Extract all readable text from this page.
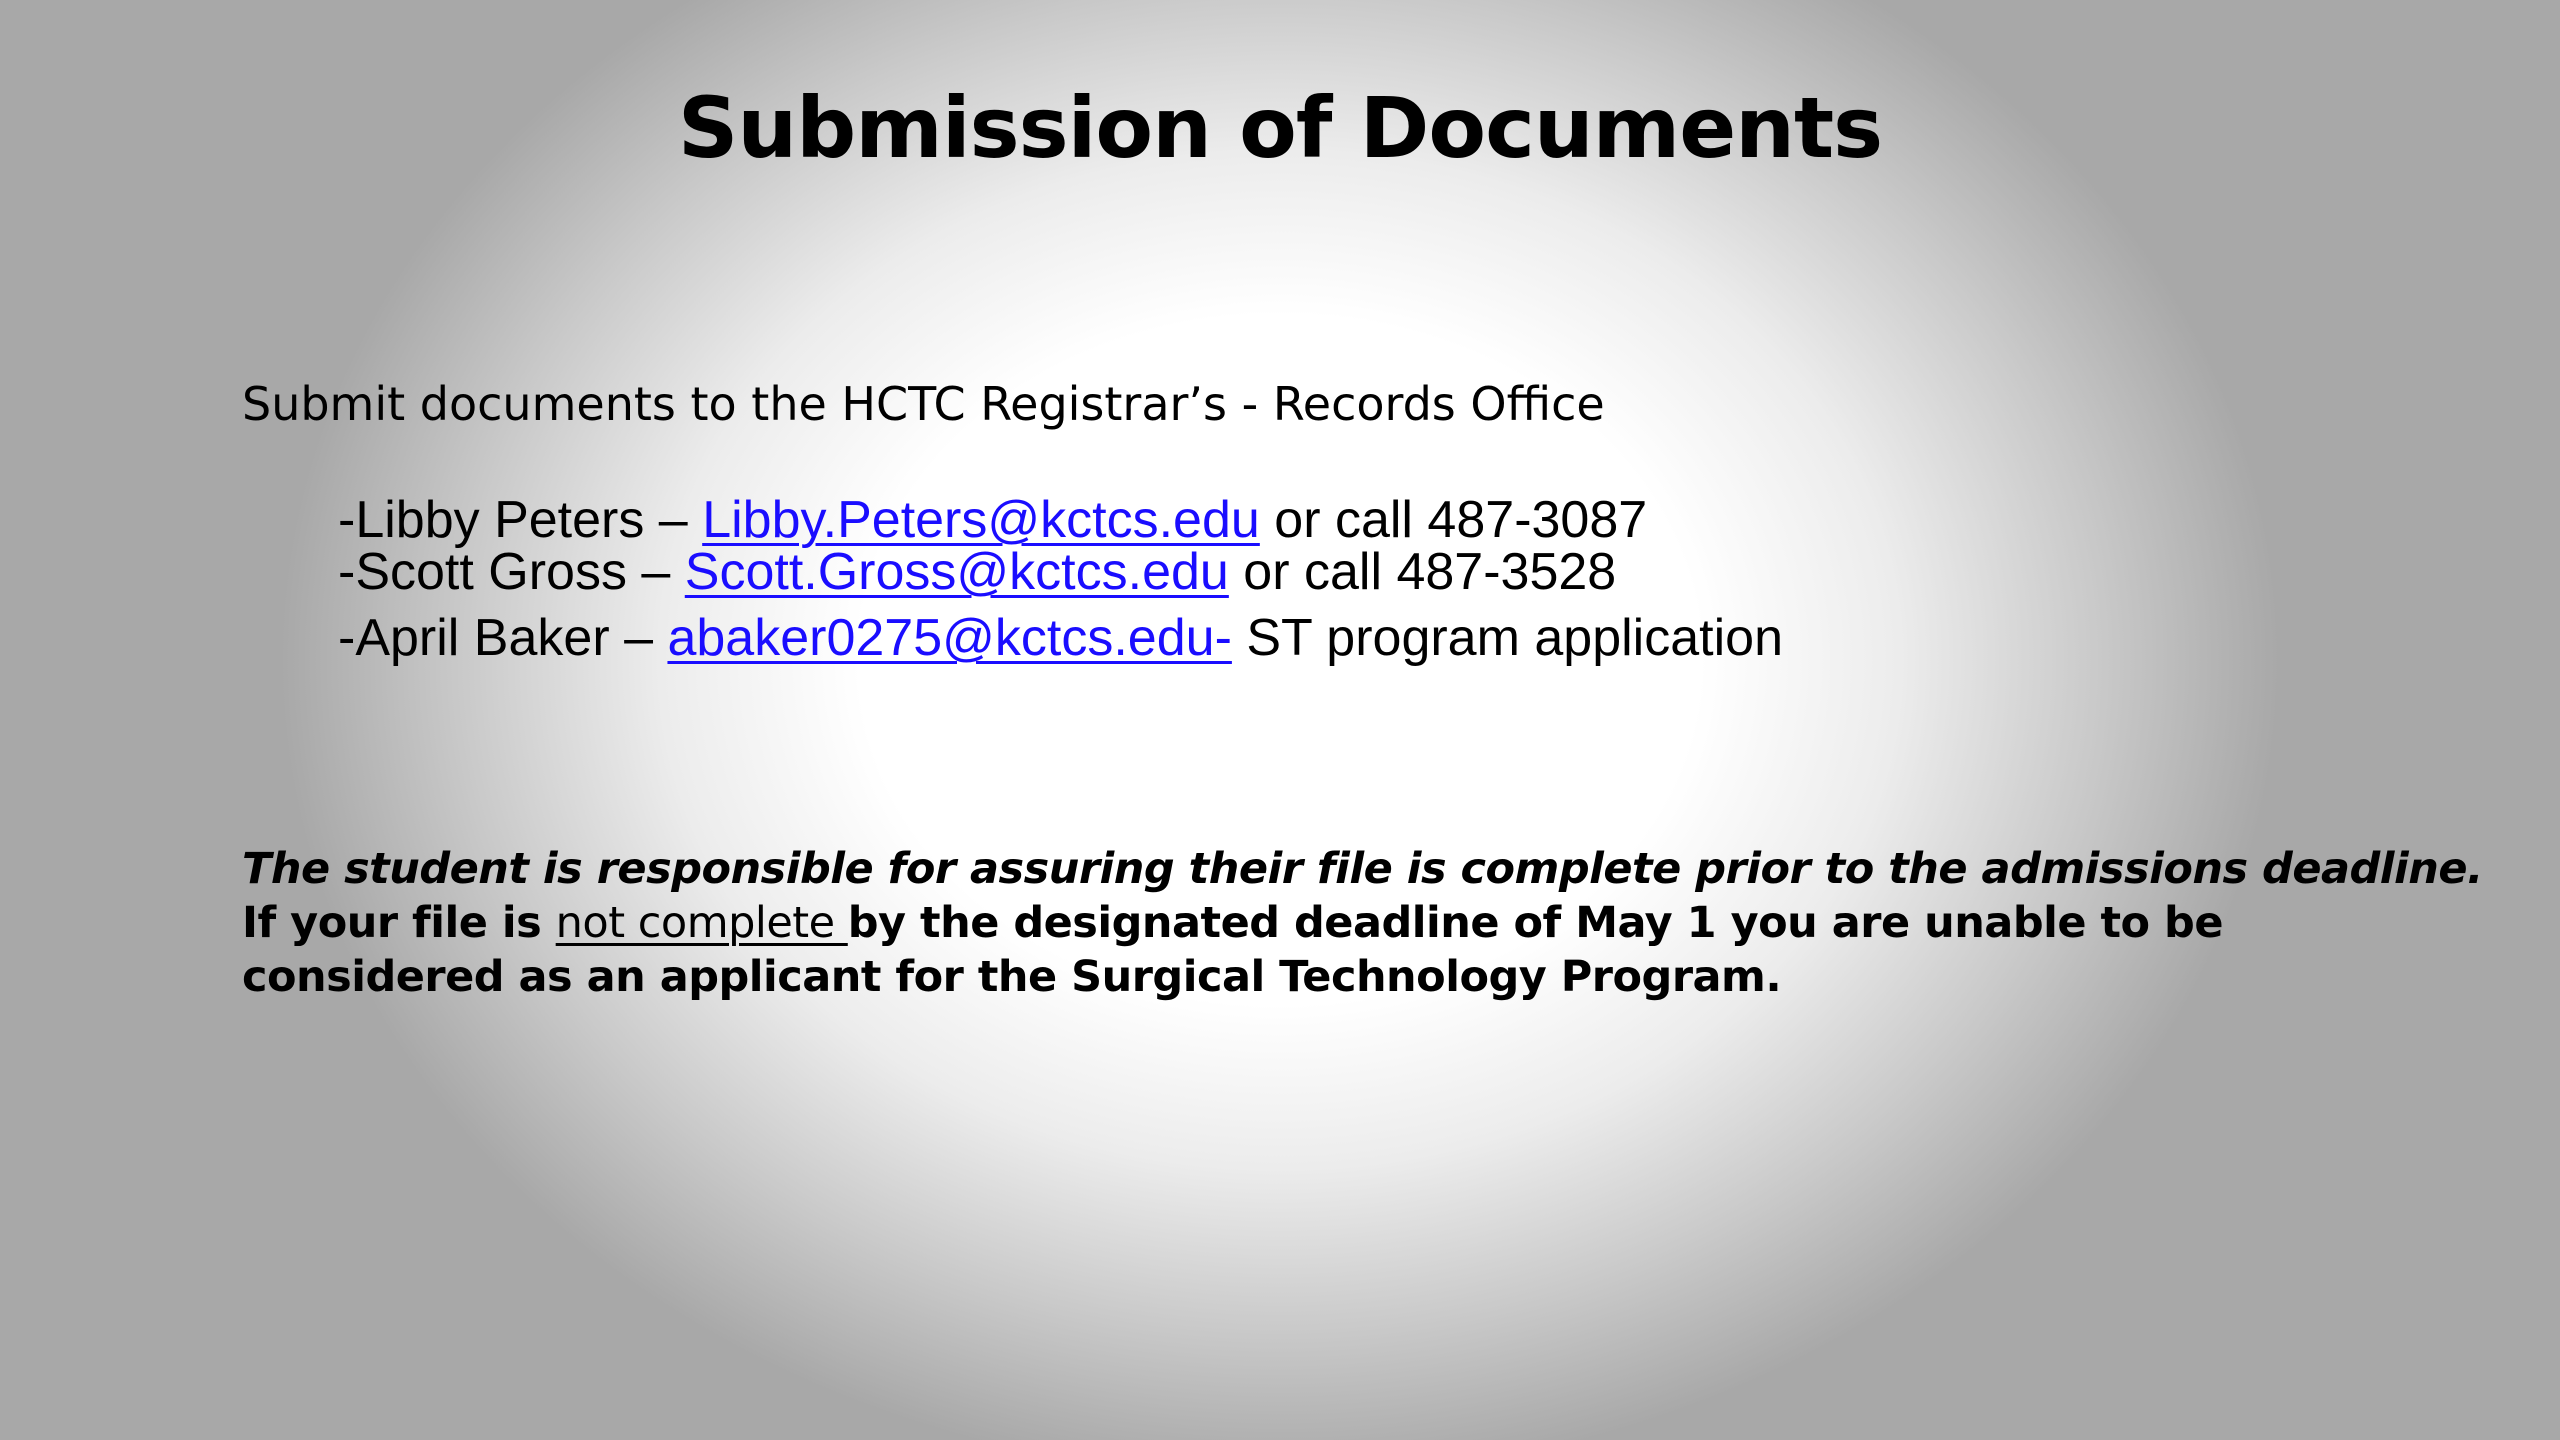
Submission of Documents
Submit documents to the HCTC Registrar’s - Records Office
-Libby Peters – Libby.Peters@kctcs.edu or call 487-3087
-Scott Gross – Scott.Gross@kctcs.edu or call 487-3528
-April Baker – abaker0275@kctcs.edu- ST program application
The student is responsible for assuring their file is complete prior to the admissions deadline.
If your file is not complete by the designated deadline of May 1 you are unable to be
considered as an applicant for the Surgical Technology Program.
